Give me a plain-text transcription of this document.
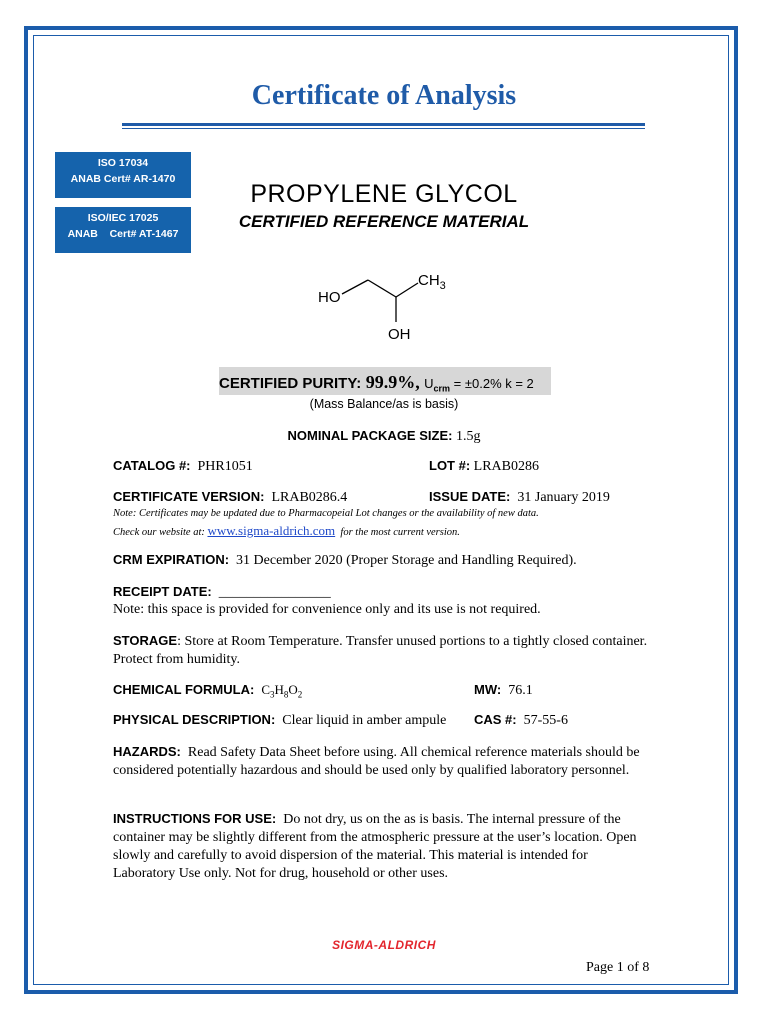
Certificate of Analysis
ISO 17034
ANAB Cert# AR-1470
ISO/IEC 17025
ANAB    Cert# AT-1467
PROPYLENE GLYCOL
CERTIFIED REFERENCE MATERIAL
HO
$CH_3$
OH
CERTIFIED PURITY: 99.9%, $U_{crm} = \pm 0.2\%$ k = 2
(Mass Balance/as is basis)
NOMINAL PACKAGE SIZE: 1.5g
CATALOG #: PHR1051	LOT #: LRAB0286
CERTIFICATE VERSION: LRAB0286.4	ISSUE DATE: 31 January 2019
Note: Certificates may be updated due to Pharmacopeial Lot changes or the availability of new data.
Check our website at: www.sigma-aldrich.com for the most current version.
CRM EXPIRATION: 31 December 2020 (Proper Storage and Handling Required).
RECEIPT DATE: ________________
Note: this space is provided for convenience only and its use is not required.
STORAGE: Store at Room Temperature. Transfer unused portions to a tightly closed container. Protect from humidity.
CHEMICAL FORMULA: $C_3H_8O_2$	MW: 76.1
PHYSICAL DESCRIPTION: Clear liquid in amber ampule CAS #: 57-55-6
HAZARDS: Read Safety Data Sheet before using. All chemical reference materials should be considered potentially hazardous and should be used only by qualified laboratory personnel.
INSTRUCTIONS FOR USE: Do not dry, us on the as is basis. The internal pressure of the container may be slightly different from the atmospheric pressure at the user’s location. Open slowly and carefully to avoid dispersion of the material. This material is intended for Laboratory Use only. Not for drug, household or other uses.
SIGMA-ALDRICH
Page 1 of 8
